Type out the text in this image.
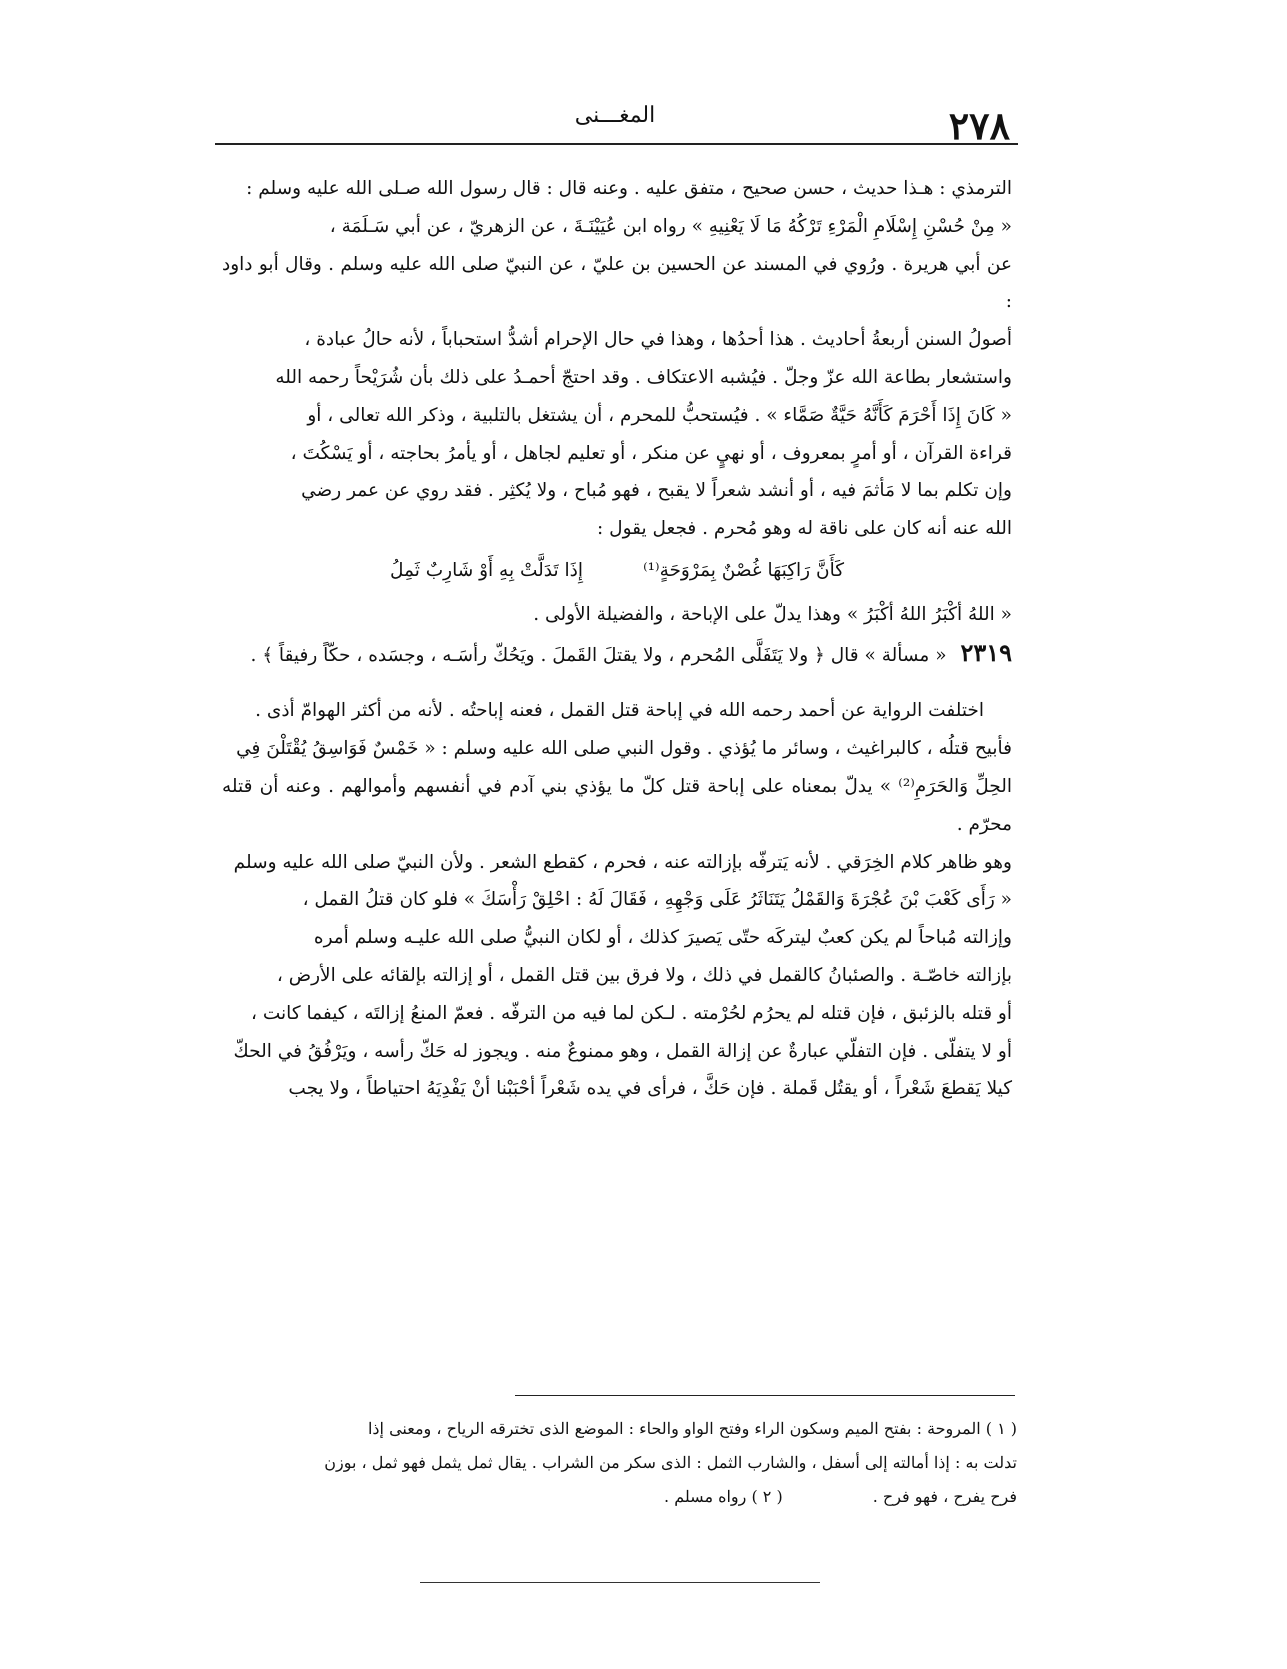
٢٧٨
المغـــنى

الترمذي : هـذا حديث ، حسن صحيح ، متفق عليه . وعنه قال : قال رسول الله صـلى الله عليه وسلم :

« مِنْ حُسْنِ إِسْلَامِ الْمَرْءِ تَرْكُهُ مَا لَا يَعْنِيهِ » رواه ابن عُيَيْنَـةَ ، عن الزهريّ ، عن أبي سَـلَمَة ،

عن أبي هريرة . ورُوي في المسند عن الحسين بن عليّ ، عن النبيّ صلى الله عليه وسلم . وقال أبو داود :

أصولُ السنن أربعةُ أحاديث . هذا أحدُها ، وهذا في حال الإحرام أشدُّ استحباباً ، لأنه حالُ عبادة ،

واستشعار بطاعة الله عزّ وجلّ . فيُشبه الاعتكاف . وقد احتجّ أحمـدُ على ذلك بأن شُرَيْحاً رحمه الله

« كَانَ إِذَا أَحْرَمَ كَأَنَّهُ حَيَّةٌ صَمَّاء » . فيُستحبُّ للمحرم ، أن يشتغل بالتلبية ، وذكر الله تعالى ، أو

قراءة القرآن ، أو أمرٍ بمعروف ، أو نهيٍ عن منكر ، أو تعليم لجاهل ، أو يأمرُ بحاجته ، أو يَسْكُتَ ،

وإن تكلم بما لا مَأثمَ فيه ، أو أنشد شعراً لا يقبح ، فهو مُباح ، ولا يُكثِر . فقد روي عن عمر رضي

الله عنه أنه كان على ناقة له وهو مُحرم . فجعل يقول :

كَأَنَّ رَاكِبَهَا غُصْنٌ بِمَرْوَحَةٍ⁽¹⁾
إِذَا تَدَلَّتْ بِهِ أَوْ شَارِبٌ ثَمِلُ

« اللهُ أكْبَرُ اللهُ أكْبَرُ » وهذا يدلّ على الإباحة ، والفضيلة الأولى .

٢٣١٩ « مسألة » قال ﴿ ولا يَتَفَلَّى المُحرم ، ولا يقتلَ القَملَ . ويَحُكّ رأسَـه ، وجسَده ، حكّاً رفيقاً ﴾ .

اختلفت الرواية عن أحمد رحمه الله في إباحة قتل القمل ، فعنه إباحتُه . لأنه من أكثر الهوامّ أذى .

فأبيح قتلُه ، كالبراغيث ، وسائر ما يُؤذي . وقول النبي صلى الله عليه وسلم : « خَمْسٌ فَوَاسِقُ يُقْتَلْنَ فِي

الحِلِّ وَالحَرَمِ⁽²⁾ » يدلّ بمعناه على إباحة قتل كلّ ما يؤذي بني آدم في أنفسهم وأموالهم . وعنه أن قتله محرّم .

وهو ظاهر كلام الخِرَقي . لأنه يَترفّه بإزالته عنه ، فحرم ، كقطع الشعر . ولأن النبيّ صلى الله عليه وسلم

« رَأَى كَعْبَ بْنَ عُجْرَةَ وَالقَمْلُ يَتَنَاثَرُ عَلَى وَجْهِهِ ، فَقَالَ لَهُ : احْلِقْ رَأْسَكَ » فلو كان قتلُ القمل ،

وإزالته مُباحاً لم يكن كعبٌ ليتركَه حتّى يَصيرَ كذلك ، أو لكان النبيُّ صلى الله عليـه وسلم أمره

بإزالته خاصّـة . والصئبانُ كالقمل في ذلك ، ولا فرق بين قتل القمل ، أو إزالته بإلقائه على الأرض ،

أو قتله بالزئبق ، فإن قتله لم يحرُم لحُرْمته . لـكن لما فيه من الترفّه . فعمّ المنعُ إزالتَه ، كيفما كانت ،

أو لا يتفلّى . فإن التفلّي عبارةٌ عن إزالة القمل ، وهو ممنوعٌ منه . ويجوز له حَكّ رأسه ، ويَرْفُقُ في الحكّ

كيلا يَقطعَ شَعْراً ، أو يقتُل قَملة . فإن حَكَّ ، فرأى في يده شَعْراً أحْبَبْنا أنْ يَفْدِيَهُ احتياطاً ، ولا يجب

( ١ ) المروحة : بفتح الميم وسكون الراء وفتح الواو والحاء : الموضع الذى تخترقه الرياح ، ومعنى إذا

تدلت به : إذا أمالته إلى أسفل ، والشارب الثمل : الذى سكر من الشراب . يقال ثمل يثمل فهو ثمل ، بوزن

فرح يفرح ، فهو فرح .
( ٢ ) رواه مسلم .
